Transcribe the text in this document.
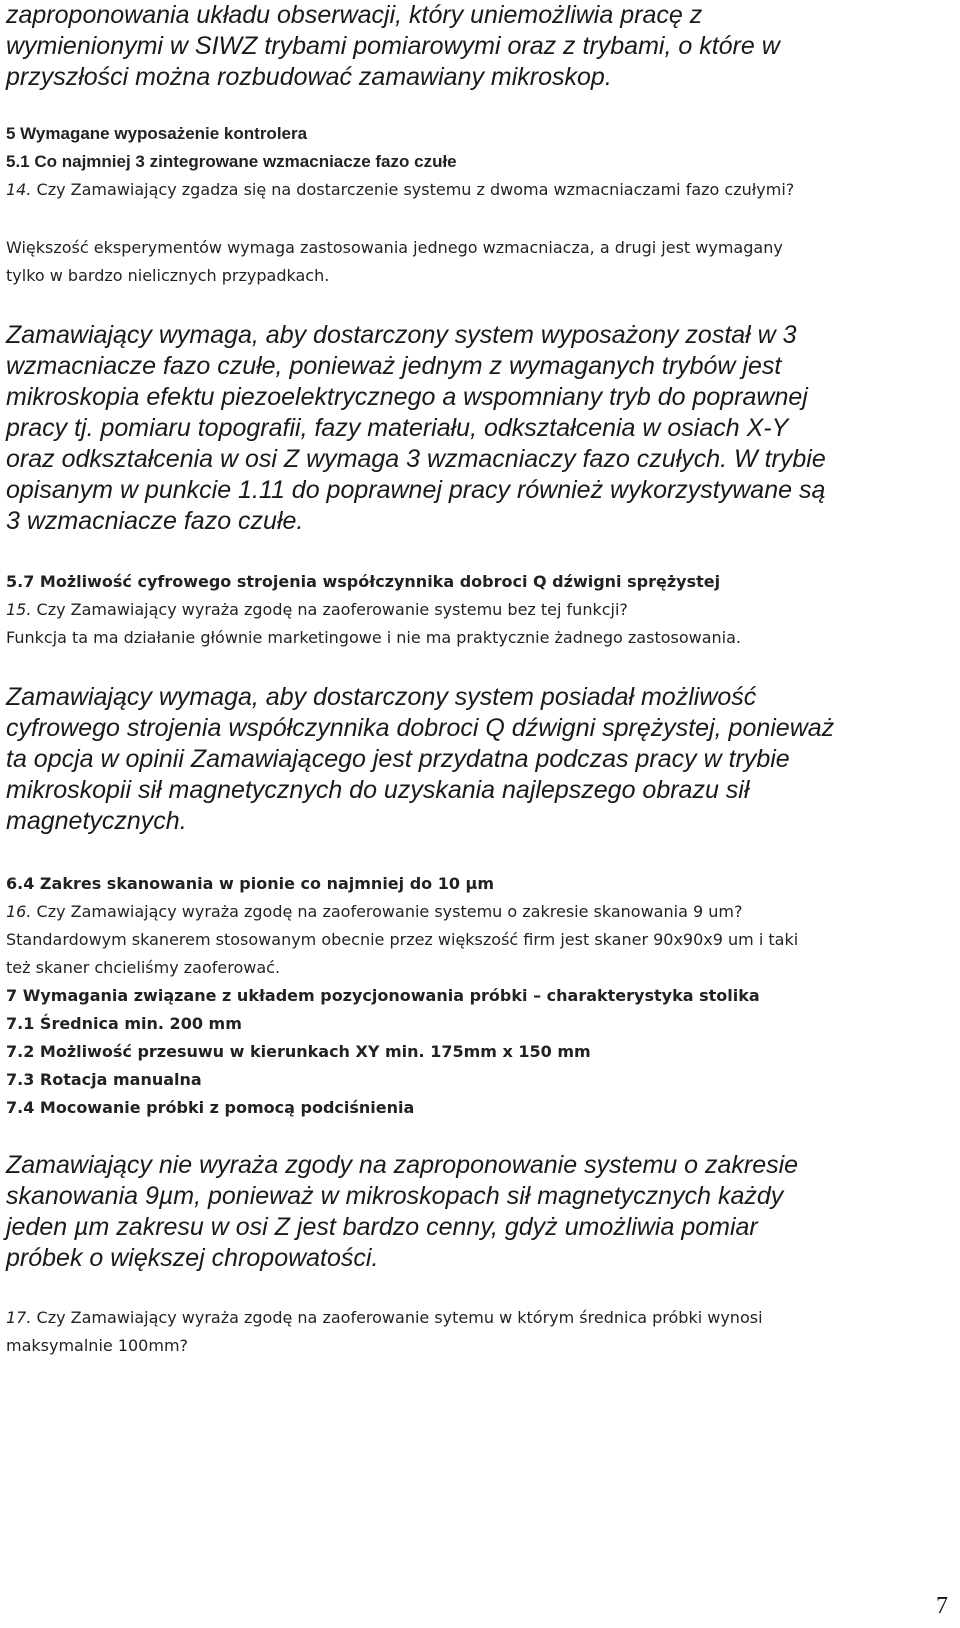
zaproponowania układu obserwacji, który uniemożliwia pracę z
wymienionymi w SIWZ trybami pomiarowymi oraz z trybami, o które w
przyszłości można rozbudować zamawiany mikroskop.
5 Wymagane wyposażenie kontrolera
5.1 Co najmniej 3 zintegrowane wzmacniacze fazo czułe
14. Czy Zamawiający zgadza się na dostarczenie systemu z dwoma wzmacniaczami fazo czułymi?
Większość eksperymentów wymaga zastosowania jednego wzmacniacza, a drugi jest wymagany
tylko w bardzo nielicznych przypadkach.
Zamawiający wymaga, aby dostarczony system wyposażony został w 3
wzmacniacze fazo czułe, ponieważ jednym z wymaganych trybów jest
mikroskopia efektu piezoelektrycznego a wspomniany tryb do poprawnej
pracy tj. pomiaru topografii, fazy materiału, odkształcenia w osiach X-Y
oraz odkształcenia w osi Z wymaga 3 wzmacniaczy fazo czułych. W trybie
opisanym w punkcie 1.11 do poprawnej pracy również wykorzystywane są
3 wzmacniacze fazo czułe.
5.7 Możliwość cyfrowego strojenia współczynnika dobroci Q dźwigni sprężystej
15. Czy Zamawiający wyraża zgodę na zaoferowanie systemu bez tej funkcji?
Funkcja ta ma działanie głównie marketingowe i nie ma praktycznie żadnego zastosowania.
Zamawiający wymaga, aby dostarczony system posiadał możliwość
cyfrowego strojenia współczynnika dobroci Q dźwigni sprężystej, ponieważ
ta opcja w opinii Zamawiającego jest przydatna podczas pracy w trybie
mikroskopii sił magnetycznych do uzyskania najlepszego obrazu sił
magnetycznych.
6.4 Zakres skanowania w pionie co najmniej do 10 μm
16. Czy Zamawiający wyraża zgodę na zaoferowanie systemu o zakresie skanowania 9 um?
Standardowym skanerem stosowanym obecnie przez większość firm jest skaner 90x90x9 um i taki
też skaner chcieliśmy zaoferować.
7 Wymagania związane z układem pozycjonowania próbki – charakterystyka stolika
7.1 Średnica min. 200 mm
7.2 Możliwość przesuwu w kierunkach XY min. 175mm x 150 mm
7.3 Rotacja manualna
7.4 Mocowanie próbki z pomocą podciśnienia
Zamawiający nie wyraża zgody na zaproponowanie systemu o zakresie
skanowania 9µm, ponieważ w mikroskopach sił magnetycznych każdy
jeden µm zakresu w osi Z jest bardzo cenny, gdyż umożliwia pomiar
próbek o większej chropowatości.
17. Czy Zamawiający wyraża zgodę na zaoferowanie sytemu w którym średnica próbki wynosi
maksymalnie 100mm?
7
